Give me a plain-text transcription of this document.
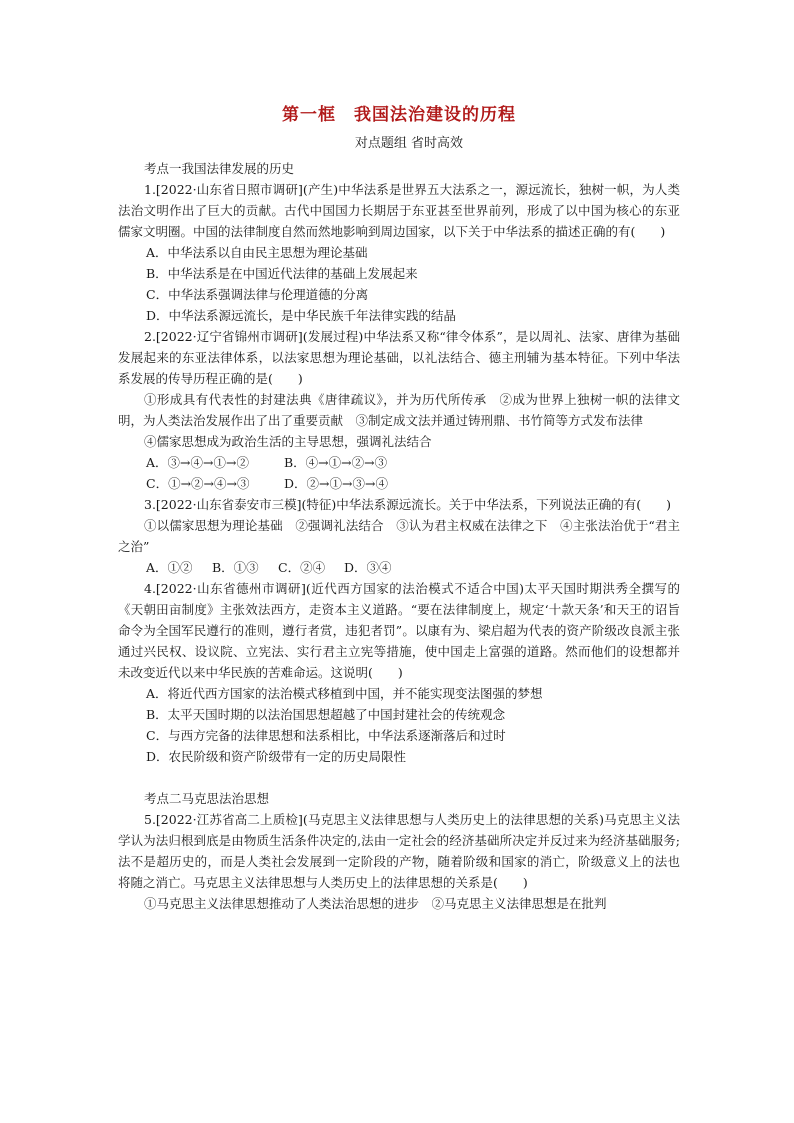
第一框　我国法治建设的历程
对点题组 省时高效

考点一我国法律发展的历史

1.[2022·山东省日照市调研](产生)中华法系是世界五大法系之一，源远流长，独树一帜，为人类法治文明作出了巨大的贡献。古代中国国力长期居于东亚甚至世界前列，形成了以中国为核心的东亚儒家文明圈。中国的法律制度自然而然地影响到周边国家，以下关于中华法系的描述正确的有(　　)

A．中华法系以自由民主思想为理论基础

B．中华法系是在中国近代法律的基础上发展起来

C．中华法系强调法律与伦理道德的分离

D．中华法系源远流长，是中华民族千年法律实践的结晶

2.[2022·辽宁省锦州市调研](发展过程)中华法系又称“律令体系”，是以周礼、法家、唐律为基础发展起来的东亚法律体系，以法家思想为理论基础，以礼法结合、德主刑辅为基本特征。下列中华法系发展的传导历程正确的是(　　)

①形成具有代表性的封建法典《唐律疏议》，并为历代所传承　②成为世界上独树一帜的法律文明，为人类法治发展作出了出了重要贡献　③制定成文法并通过铸刑鼎、书竹简等方式发布法律

④儒家思想成为政治生活的主导思想，强调礼法结合

A．③→④→①→②	B．④→①→②→③

C．①→②→④→③	D．②→①→③→④

3.[2022·山东省泰安市三模](特征)中华法系源远流长。关于中华法系，下列说法正确的有(　　)

①以儒家思想为理论基础　②强调礼法结合　③认为君主权威在法律之下　④主张法治优于“君主之治”

A．①② B．①③ C．②④ D．③④

4.[2022·山东省德州市调研](近代西方国家的法治模式不适合中国)太平天国时期洪秀全撰写的《天朝田亩制度》主张效法西方，走资本主义道路。“要在法律制度上，规定‘十款天条’和天王的诏旨命令为全国军民遵行的准则，遵行者赏，违犯者罚”。以康有为、梁启超为代表的资产阶级改良派主张通过兴民权、设议院、立宪法、实行君主立宪等措施，使中国走上富强的道路。然而他们的设想都并未改变近代以来中华民族的苦难命运。这说明(　　)

A．将近代西方国家的法治模式移植到中国，并不能实现变法图强的梦想

B．太平天国时期的以法治国思想超越了中国封建社会的传统观念

C．与西方完备的法律思想和法系相比，中华法系逐渐落后和过时

D．农民阶级和资产阶级带有一定的历史局限性

考点二马克思法治思想

5.[2022·江苏省高二上质检](马克思主义法律思想与人类历史上的法律思想的关系)马克思主义法学认为法归根到底是由物质生活条件决定的,法由一定社会的经济基础所决定并反过来为经济基础服务;法不是超历史的，而是人类社会发展到一定阶段的产物，随着阶级和国家的消亡，阶级意义上的法也将随之消亡。马克思主义法律思想与人类历史上的法律思想的关系是(　　)

①马克思主义法律思想推动了人类法治思想的进步　②马克思主义法律思想是在批判
